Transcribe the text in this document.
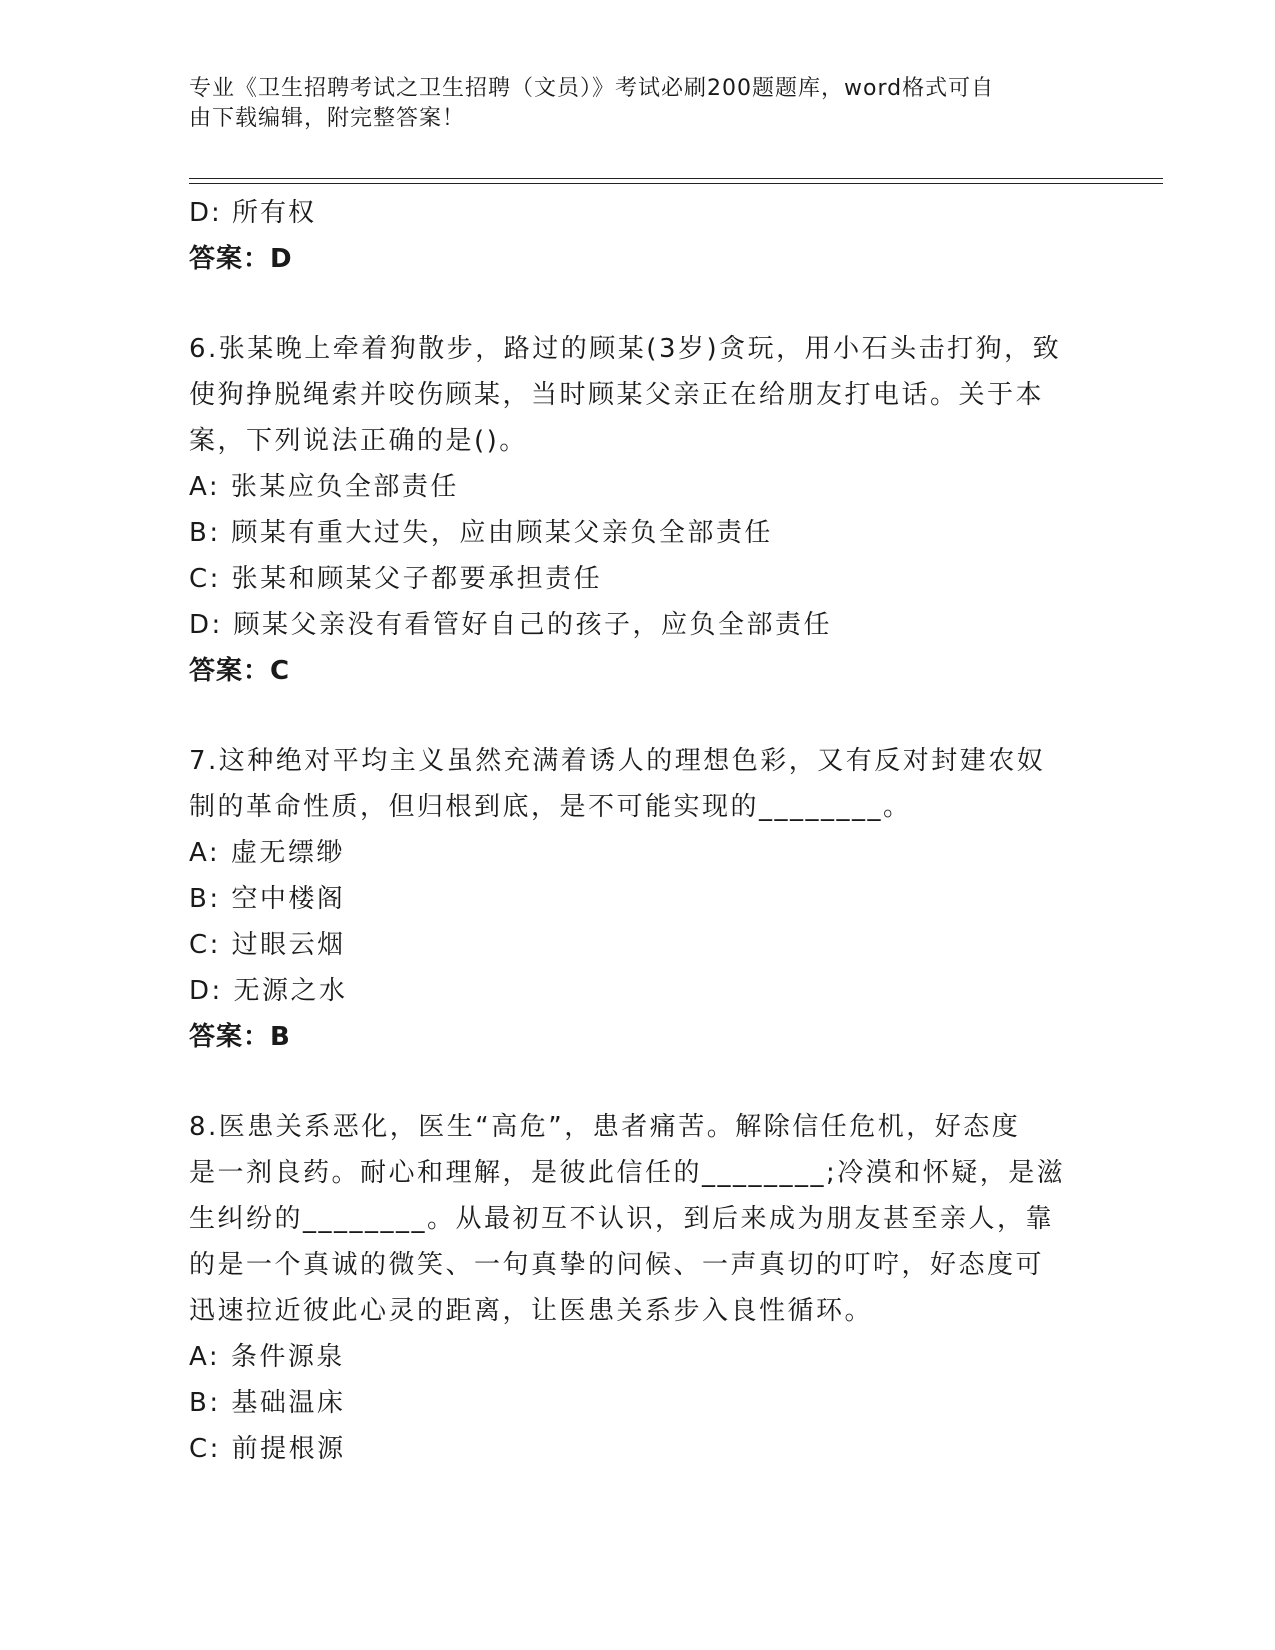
专业《卫生招聘考试之卫生招聘（文员）》考试必刷200题题库，word格式可自
由下载编辑，附完整答案！
D: 所有权
答案：D
6.张某晚上牵着狗散步，路过的顾某(3岁)贪玩，用小石头击打狗，致
使狗挣脱绳索并咬伤顾某，当时顾某父亲正在给朋友打电话。关于本
案，下列说法正确的是()。
A: 张某应负全部责任
B: 顾某有重大过失，应由顾某父亲负全部责任
C: 张某和顾某父子都要承担责任
D: 顾某父亲没有看管好自己的孩子，应负全部责任
答案：C
7.这种绝对平均主义虽然充满着诱人的理想色彩，又有反对封建农奴
制的革命性质，但归根到底，是不可能实现的________。
A: 虚无缥缈
B: 空中楼阁
C: 过眼云烟
D: 无源之水
答案：B
8.医患关系恶化，医生“高危”，患者痛苦。解除信任危机，好态度
是一剂良药。耐心和理解，是彼此信任的________;冷漠和怀疑，是滋
生纠纷的________。从最初互不认识，到后来成为朋友甚至亲人，靠
的是一个真诚的微笑、一句真挚的问候、一声真切的叮咛，好态度可
迅速拉近彼此心灵的距离，让医患关系步入良性循环。
A: 条件源泉
B: 基础温床
C: 前提根源
